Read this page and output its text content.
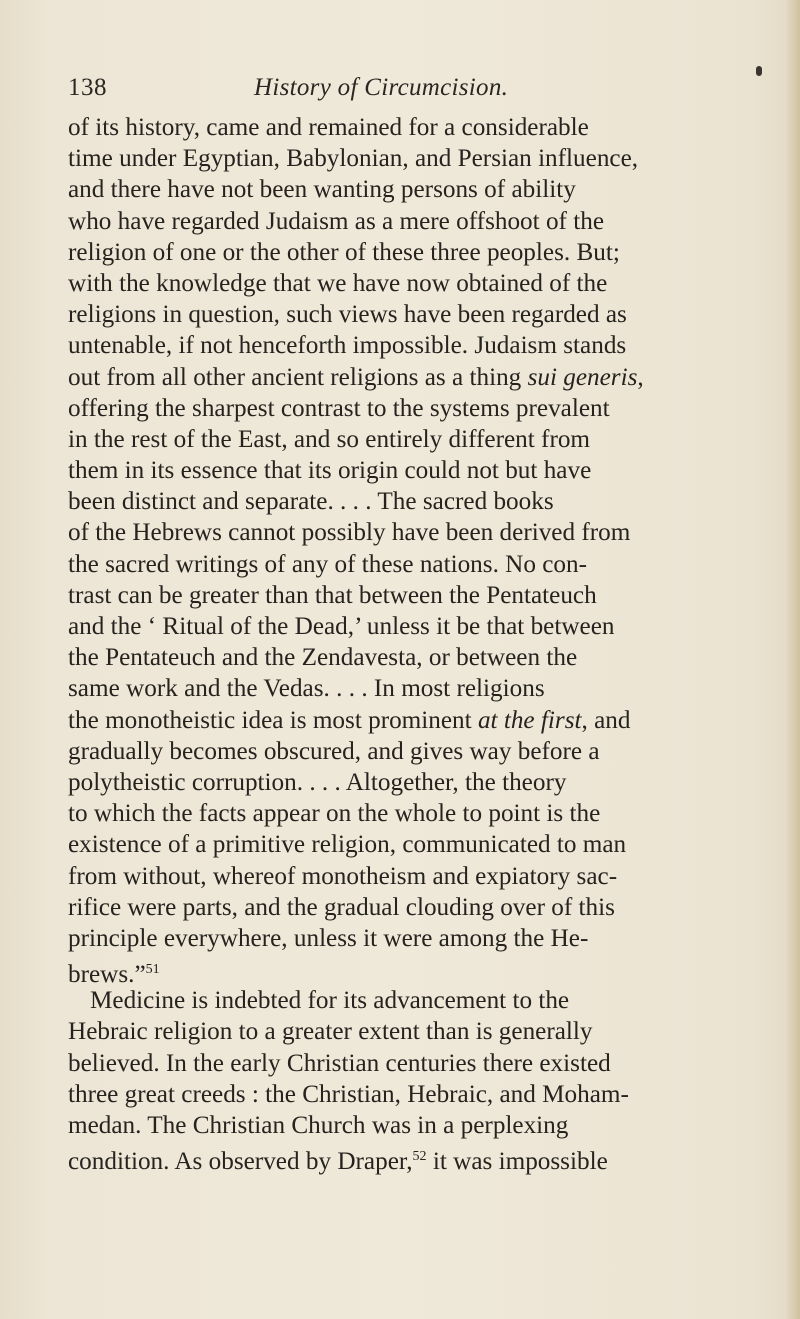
138	History of Circumcision.
of its history, came and remained for a considerable
time under Egyptian, Babylonian, and Persian influence,
and there have not been wanting persons of ability
who have regarded Judaism as a mere offshoot of the
religion of one or the other of these three peoples. But;
with the knowledge that we have now obtained of the
religions in question, such views have been regarded as
untenable, if not henceforth impossible. Judaism stands
out from all other ancient religions as a thing sui generis,
offering the sharpest contrast to the systems prevalent
in the rest of the East, and so entirely different from
them in its essence that its origin could not but have
been distinct and separate. . . . The sacred books
of the Hebrews cannot possibly have been derived from
the sacred writings of any of these nations. No con-
trast can be greater than that between the Pentateuch
and the ‘ Ritual of the Dead,’ unless it be that between
the Pentateuch and the Zendavesta, or between the
same work and the Vedas. . . . In most religions
the monotheistic idea is most prominent at the first, and
gradually becomes obscured, and gives way before a
polytheistic corruption. . . . Altogether, the theory
to which the facts appear on the whole to point is the
existence of a primitive religion, communicated to man
from without, whereof monotheism and expiatory sac-
rifice were parts, and the gradual clouding over of this
principle everywhere, unless it were among the He-
brews.”$^{51}$
Medicine is indebted for its advancement to the
Hebraic religion to a greater extent than is generally
believed. In the early Christian centuries there existed
three great creeds : the Christian, Hebraic, and Moham-
medan. The Christian Church was in a perplexing
condition. As observed by Draper,$^{52}$ it was impossible
